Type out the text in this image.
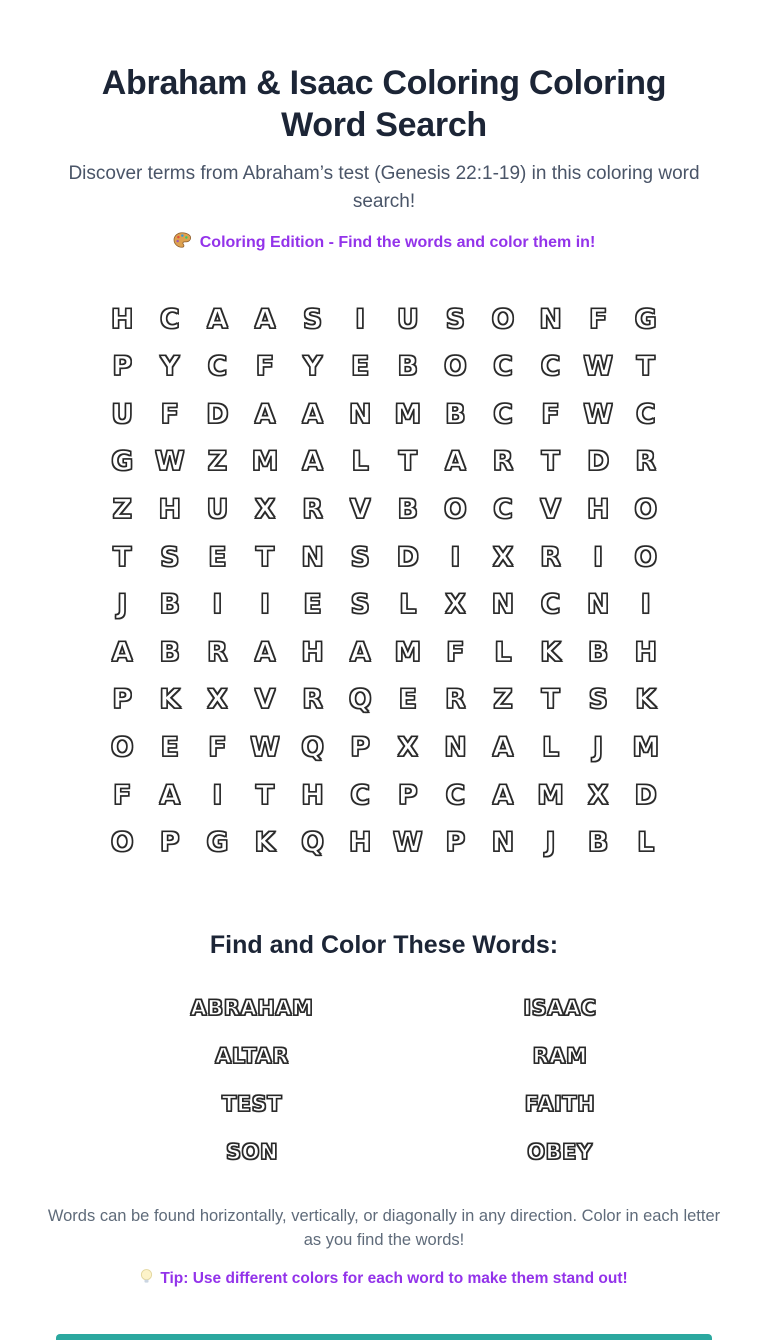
Abraham & Isaac Coloring Coloring Word Search

Discover terms from Abraham’s test (Genesis 22:1-19) in this coloring word search!

Coloring Edition - Find the words and color them in!
H C	A A	S	I	U S O N	F	G
P	Y	C	F	Y	E	B O C	C W T
U	F	D A A N M B	C	F W C
G W Z M A	L	T	A R	T	D R
Z H U X R V B O C	V H O
T	S	E	T	N S D	I	X R	I	O
J	B	I	I	E	S	L	X N C N	I
A B R A H A M F	L	K B H
P	K X V R Q E	R	Z	T	S	K
O E	F W Q P	X N A	L	J	M
F	A	I	T	H C	P	C	A M X D
O P G K Q H W P N	J	B	L
Find and Color These Words:
ABRAHAM	ISAAC
ALTAR	RAM
TEST	FAITH
SON	OBEY

Words can be found horizontally, vertically, or diagonally in any direction. Color in each letter as you find the words!

Tip: Use different colors for each word to make them stand out!
